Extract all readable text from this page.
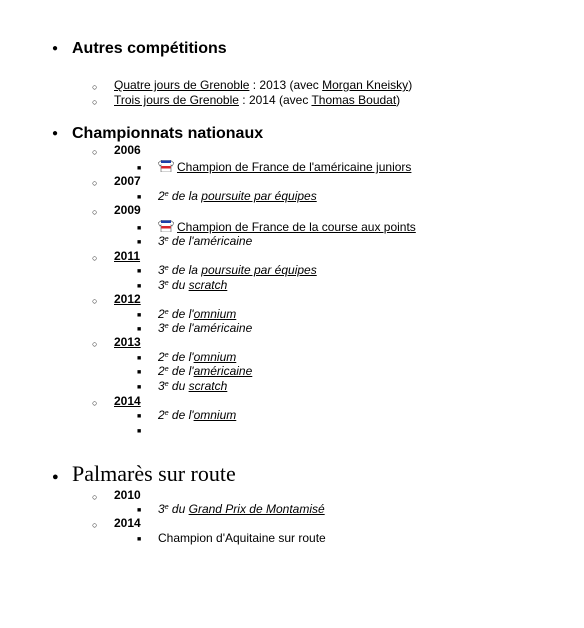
● Autres compétitions
○ Quatre jours de Grenoble : 2013 (avec Morgan Kneisky)
○ Trois jours de Grenoble : 2014 (avec Thomas Boudat)
● Championnats nationaux
○ 2006
■	Champion de France de l'américaine juniors
○ 2007
■ 2e de la poursuite par équipes
○ 2009
■	Champion de France de la course aux points
■ 3e de l'américaine
○ 2011
■ 3e de la poursuite par équipes
■ 3e du scratch
○ 2012
■ 2e de l'omnium
■ 3e de l'américaine
○ 2013
■ 2e de l'omnium
■ 2e de l'américaine
■ 3e du scratch
○ 2014
■ 2e de l'omnium
■
● Palmarès sur route
○ 2010
■ 3e du Grand Prix de Montamisé
○ 2014
■ Champion d'Aquitaine sur route
